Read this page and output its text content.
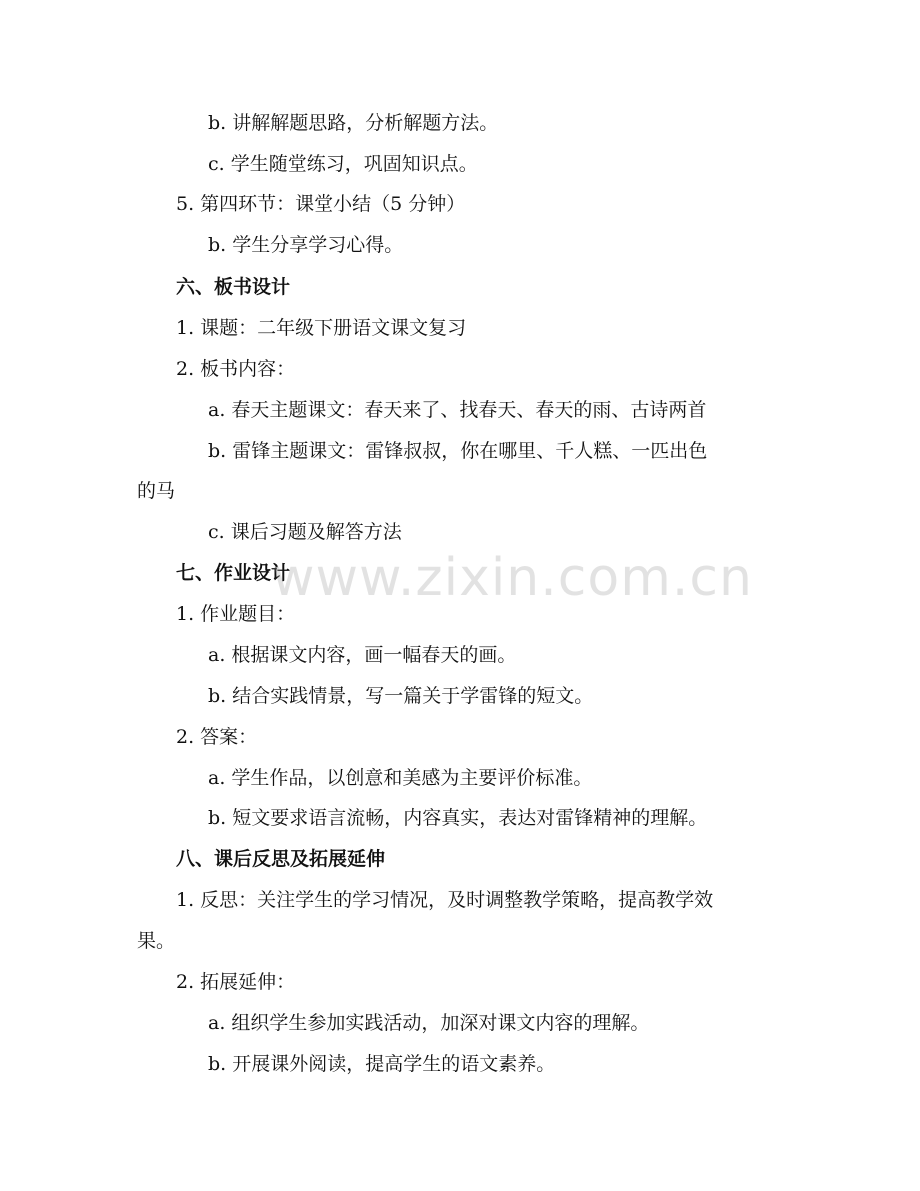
b. 讲解解题思路，分析解题方法。
c. 学生随堂练习，巩固知识点。
5. 第四环节：课堂小结（5 分钟）
b. 学生分享学习心得。
六、板书设计
1. 课题：二年级下册语文课文复习
2. 板书内容：
a. 春天主题课文：春天来了、找春天、春天的雨、古诗两首
b. 雷锋主题课文：雷锋叔叔，你在哪里、千人糕、一匹出色
的马
c. 课后习题及解答方法
七、作业设计
1. 作业题目：
a. 根据课文内容，画一幅春天的画。
b. 结合实践情景，写一篇关于学雷锋的短文。
2. 答案：
a. 学生作品，以创意和美感为主要评价标准。
b. 短文要求语言流畅，内容真实，表达对雷锋精神的理解。
八、课后反思及拓展延伸
1. 反思：关注学生的学习情况，及时调整教学策略，提高教学效
果。
2. 拓展延伸：
a. 组织学生参加实践活动，加深对课文内容的理解。
b. 开展课外阅读，提高学生的语文素养。
www.zixin.com.cn
